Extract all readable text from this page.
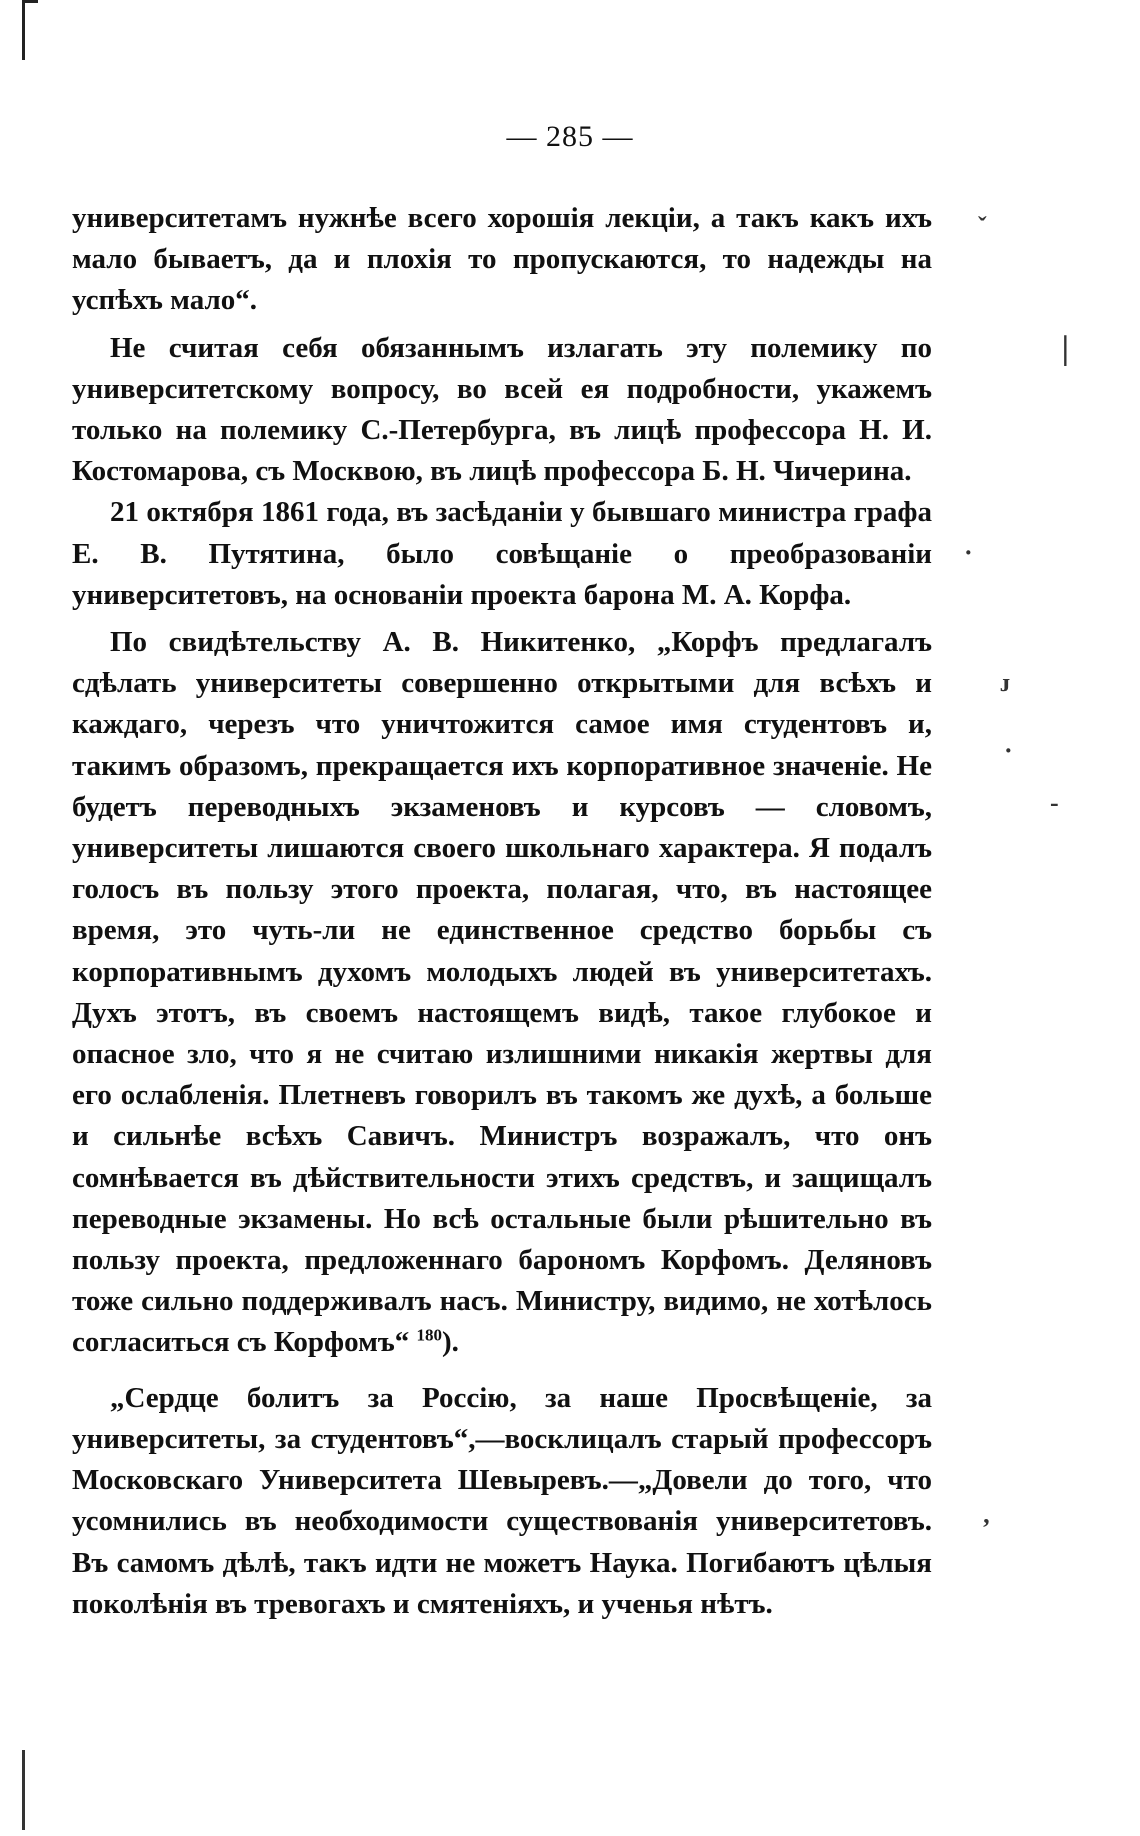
— 285 —

университетамъ нужнѣе всего хорошія лекціи, а такъ какъ ихъ мало бываетъ, да и плохія то пропускаются, то надежды на успѣхъ мало“.

Не считая себя обязаннымъ излагать эту полемику по университетскому вопросу, во всей ея подробности, укажемъ только на полемику С.-Петербурга, въ лицѣ профессора Н. И. Костомарова, съ Москвою, въ лицѣ профессора Б. Н. Чичерина.

21 октября 1861 года, въ засѣданіи у бывшаго министра графа Е. В. Путятина, было совѣщаніе о преобразованіи университетовъ, на основаніи проекта барона М. А. Корфа.

По свидѣтельству А. В. Никитенко, „Корфъ предлагалъ сдѣлать университеты совершенно открытыми для всѣхъ и каждаго, черезъ что уничтожится самое имя студентовъ и, такимъ образомъ, прекращается ихъ корпоративное значеніе. Не будетъ переводныхъ экзаменовъ и курсовъ — словомъ, университеты лишаются своего школьнаго характера. Я подалъ голосъ въ пользу этого проекта, полагая, что, въ настоящее время, это чуть-ли не единственное средство борьбы съ корпоративнымъ духомъ молодыхъ людей въ университетахъ. Духъ этотъ, въ своемъ настоящемъ видѣ, такое глубокое и опасное зло, что я не считаю излишними никакія жертвы для его ослабленія. Плетневъ говорилъ въ такомъ же духѣ, а больше и сильнѣе всѣхъ Савичъ. Министръ возражалъ, что онъ сомнѣвается въ дѣйствительности этихъ средствъ, и защищалъ переводные экзамены. Но всѣ остальные были рѣшительно въ пользу проекта, предложеннаго барономъ Корфомъ. Деляновъ тоже сильно поддерживалъ насъ. Министру, видимо, не хотѣлось согласиться съ Корфомъ“ $^{180}$).

„Сердце болитъ за Россію, за наше Просвѣщеніе, за университеты, за студентовъ“,—восклицалъ старый профессоръ Московскаго Университета Шевыревъ.—„Довели до того, что усомнились въ необходимости существованія университетовъ. Въ самомъ дѣлѣ, такъ идти не можетъ Наука. Погибаютъ цѣлыя поколѣнія въ тревогахъ и смятеніяхъ, и ученья нѣтъ.

ˇ
׀
·
ᴊ
·
-
‚
